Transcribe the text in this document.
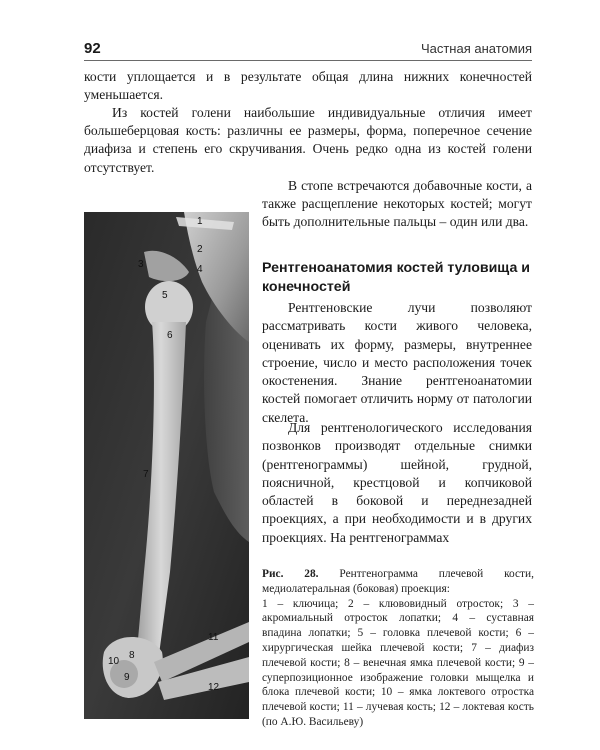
92	Частная анатомия

кости уплощается и в результате общая длина нижних конечностей уменьшается.

Из костей голени наибольшие индивидуальные отличия имеет большеберцовая кость: различны ее размеры, форма, поперечное сечение диафиза и степень его скручивания. Очень редко одна из костей голени отсутствует.

В стопе встречаются добавочные кости, а также расщепление некоторых костей; могут быть дополнительные пальцы – один или два.

Рентгеноанатомия костей туловища и конечностей

Рентгеновские лучи позволяют рассматривать кости живого человека, оценивать их форму, размеры, внутреннее строение, число и место расположения точек окостенения. Знание рентгеноанатомии костей помогает отличить норму от патологии скелета.

Для рентгенологического исследования позвонков производят отдельные снимки (рентгенограммы) шейной, грудной, поясничной, крестцовой и копчиковой областей в боковой и переднезадней проекциях, а при необходимости и в других проекциях. На рентгенограммах

1
2
3	4
5
6
7
8
9
10
11
12
Рис. 28. Рентгенограмма плечевой кости, медиолатеральная (боковая) проекция:
1 – ключица; 2 – клювовидный отросток; 3 – акромиальный отросток лопатки; 4 – суставная впадина лопатки; 5 – головка плечевой кости; 6 – хирургическая шейка плечевой кости; 7 – диафиз плечевой кости; 8 – венечная ямка плечевой кости; 9 – суперпозиционное изображение головки мыщелка и блока плечевой кости; 10 – ямка локтевого отростка плечевой кости; 11 – лучевая кость; 12 – локтевая кость (по А.Ю. Васильеву)
